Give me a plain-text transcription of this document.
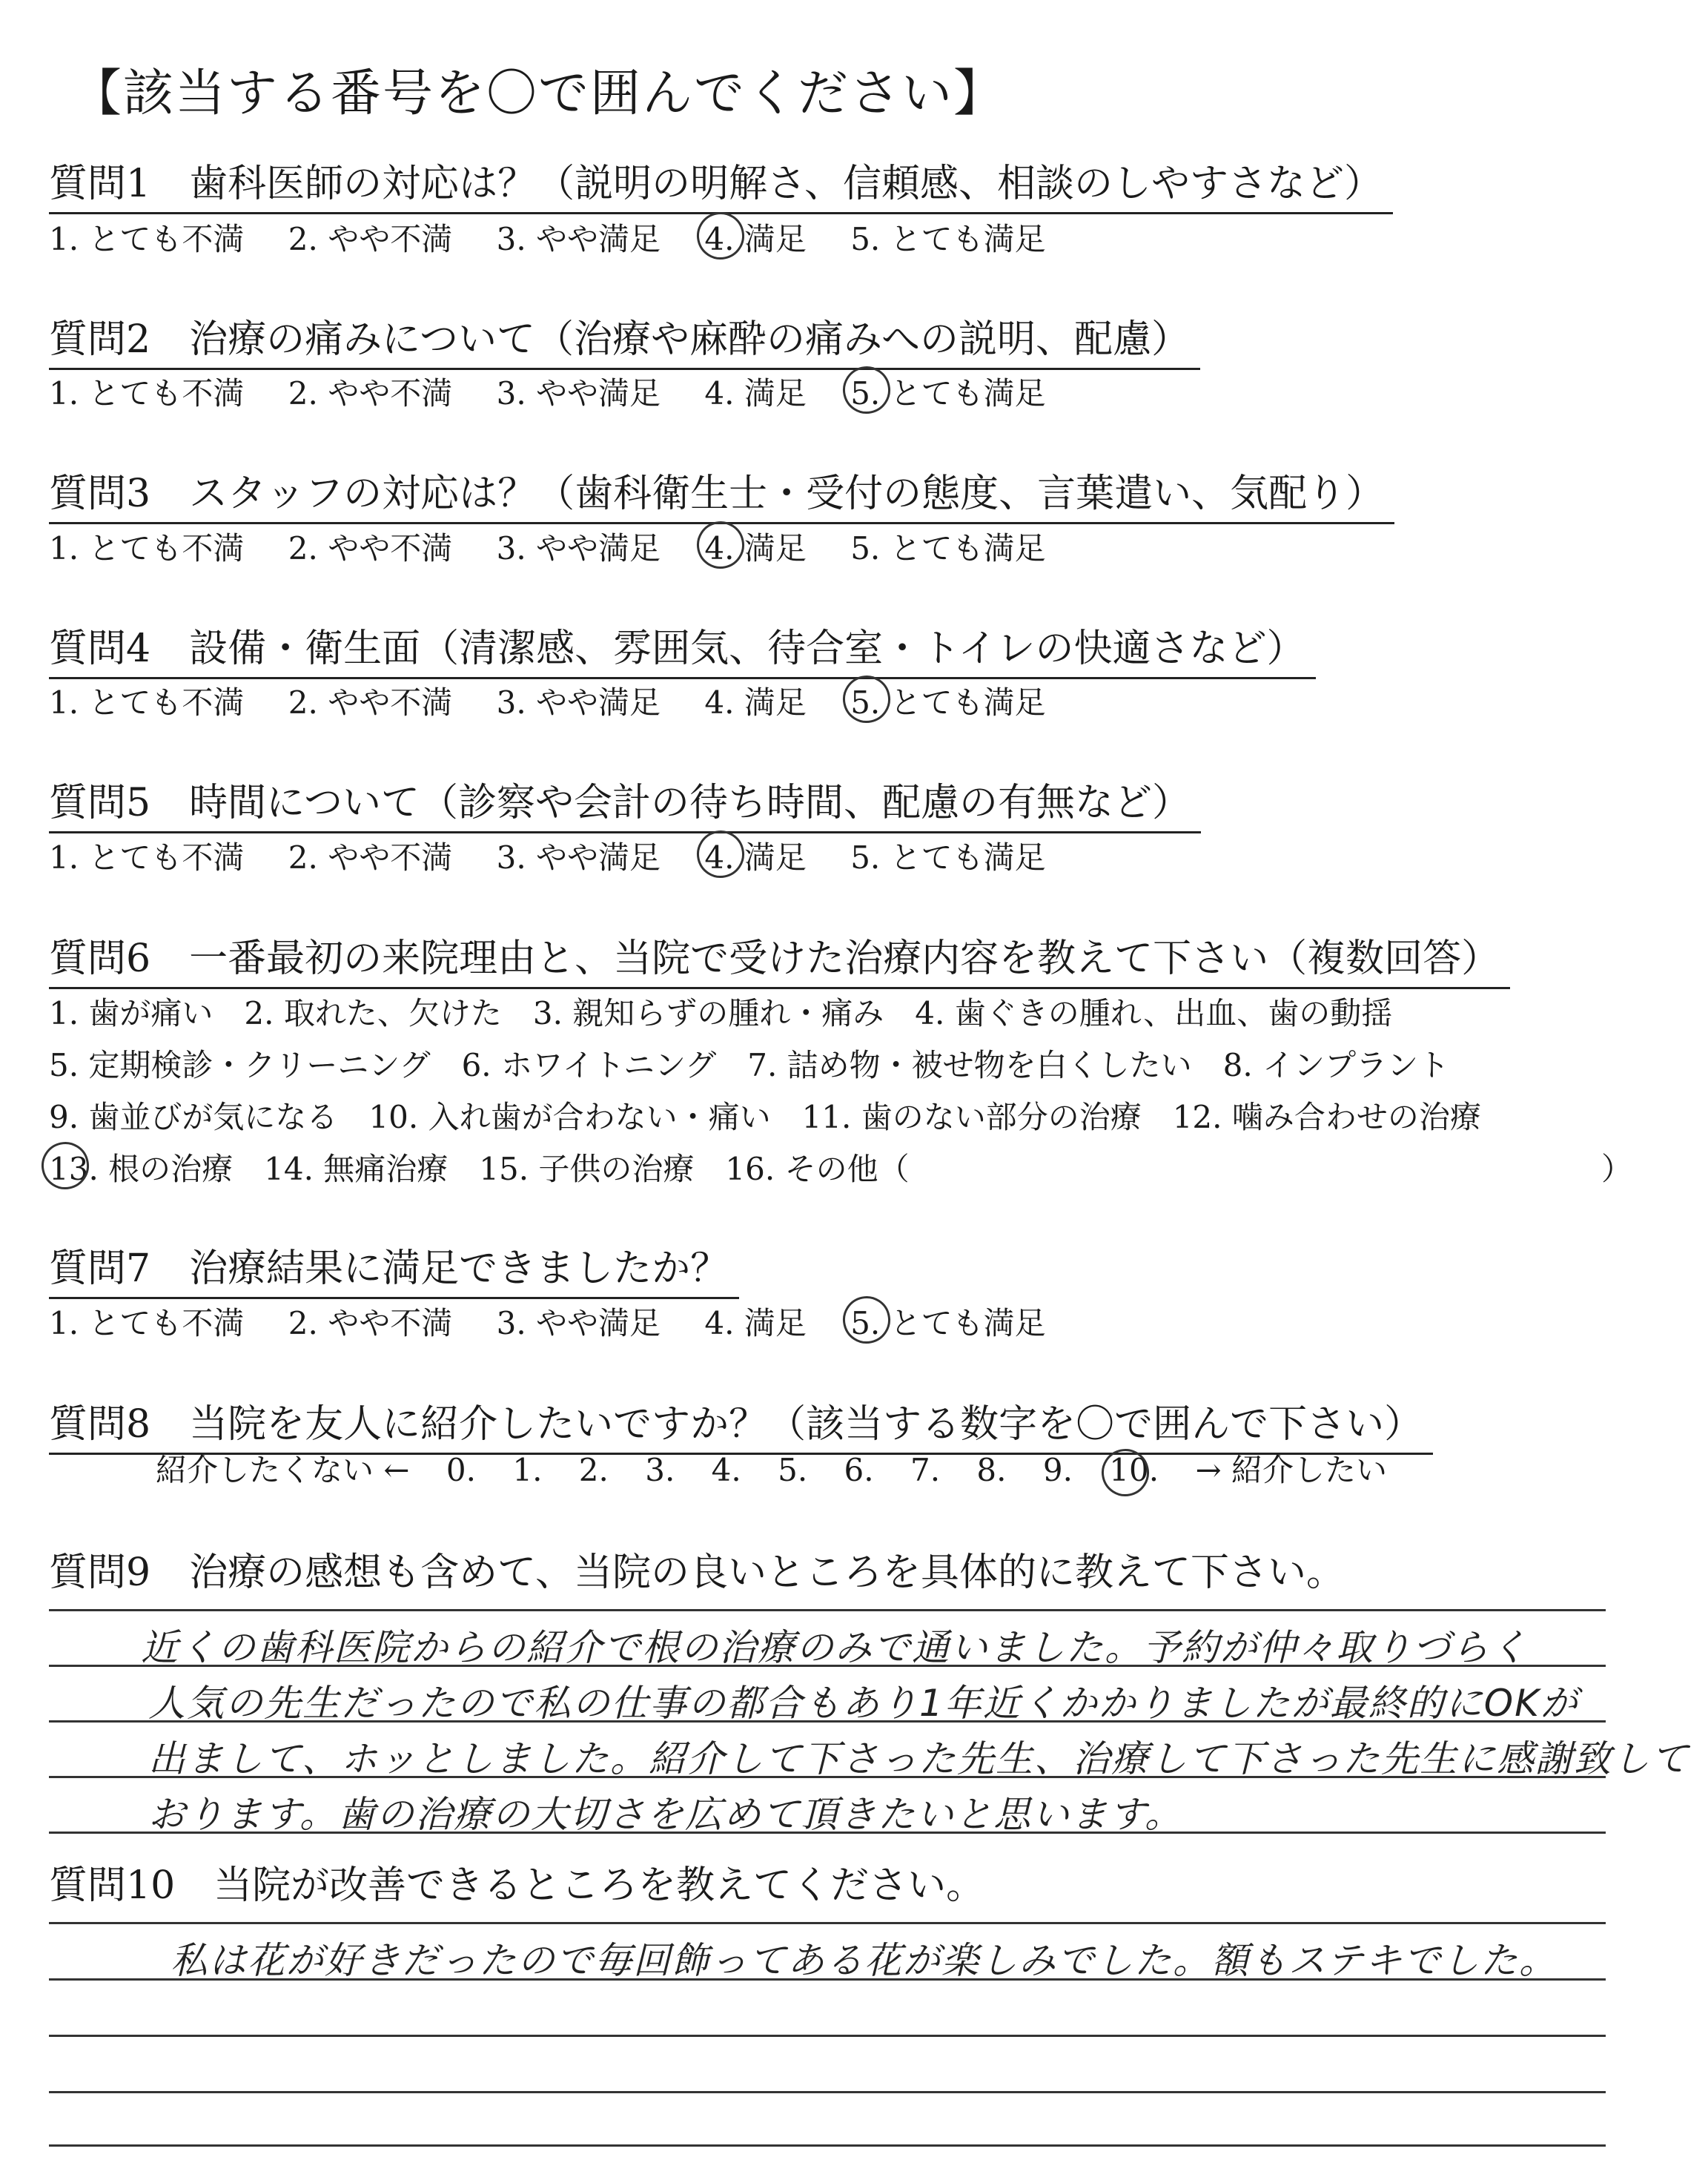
【該当する番号を〇で囲んでください】
質問1　歯科医師の対応は？（説明の明解さ、信頼感、相談のしやすさなど）
1. とても不満 2. やや不満 3. やや満足 4. 満足 5. とても満足
質問2　治療の痛みについて（治療や麻酔の痛みへの説明、配慮）
1. とても不満 2. やや不満 3. やや満足 4. 満足 5. とても満足
質問3　スタッフの対応は？（歯科衛生士・受付の態度、言葉遣い、気配り）
1. とても不満 2. やや不満 3. やや満足 4. 満足 5. とても満足
質問4　設備・衛生面（清潔感、雰囲気、待合室・トイレの快適さなど）
1. とても不満 2. やや不満 3. やや満足 4. 満足 5. とても満足
質問5　時間について（診察や会計の待ち時間、配慮の有無など）
1. とても不満 2. やや不満 3. やや満足 4. 満足 5. とても満足
質問6　一番最初の来院理由と、当院で受けた治療内容を教えて下さい（複数回答）
1. 歯が痛い　2. 取れた、欠けた　3. 親知らずの腫れ・痛み　4. 歯ぐきの腫れ、出血、歯の動揺
5. 定期検診・クリーニング　6. ホワイトニング　7. 詰め物・被せ物を白くしたい　8. インプラント
9. 歯並びが気になる　10. 入れ歯が合わない・痛い　11. 歯のない部分の治療　12. 噛み合わせの治療
13. 根の治療　14. 無痛治療　15. 子供の治療　16. その他（	）
質問7　治療結果に満足できましたか？
1. とても不満 2. やや不満 3. やや満足 4. 満足 5. とても満足
質問8　当院を友人に紹介したいですか？（該当する数字を〇で囲んで下さい）
紹介したくない ← 0. 1. 2. 3. 4. 5. 6. 7. 8. 9. 10. → 紹介したい
質問9　治療の感想も含めて、当院の良いところを具体的に教えて下さい。
近くの歯科医院からの紹介で根の治療のみで通いました。予約が仲々取りづらく
人気の先生だったので私の仕事の都合もあり1年近くかかりましたが最終的にOKが
出まして、ホッとしました。紹介して下さった先生、治療して下さった先生に感謝致して
おります。歯の治療の大切さを広めて頂きたいと思います。
質問10　当院が改善できるところを教えてください。
私は花が好きだったので毎回飾ってある花が楽しみでした。額もステキでした。
